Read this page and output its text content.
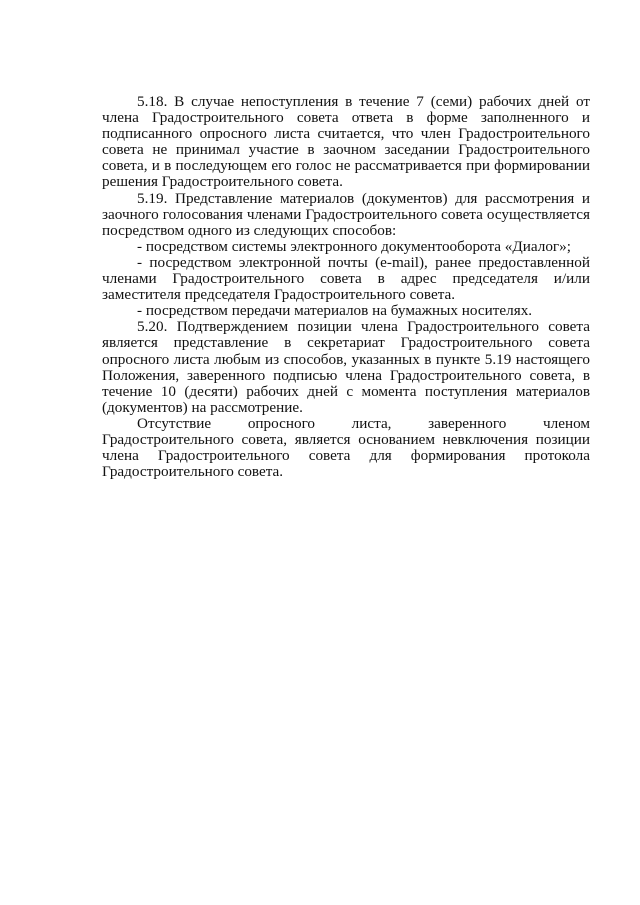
5.18. В случае непоступления в течение 7 (семи) рабочих дней от члена Градостроительного совета ответа в форме заполненного и подписанного опросного листа считается, что член Градостроительного совета не принимал участие в заочном заседании Градостроительного совета, и в последующем его голос не рассматривается при формировании решения Градостроительного совета.

5.19. Представление материалов (документов) для рассмотрения и заочного голосования членами Градостроительного совета осуществляется посредством одного из следующих способов:

- посредством системы электронного документооборота «Диалог»;

- посредством электронной почты (e-mail), ранее предоставленной членами Градостроительного совета в адрес председателя и/или заместителя председателя Градостроительного совета.

- посредством передачи материалов на бумажных носителях.

5.20. Подтверждением позиции члена Градостроительного совета является представление в секретариат Градостроительного совета опросного листа любым из способов, указанных в пункте 5.19 настоящего Положения, заверенного подписью члена Градостроительного совета, в течение 10 (десяти) рабочих дней с момента поступления материалов (документов) на рассмотрение.

Отсутствие опросного листа, заверенного членом Градостроительного совета, является основанием невключения позиции члена Градостроительного совета для формирования протокола Градостроительного совета.
